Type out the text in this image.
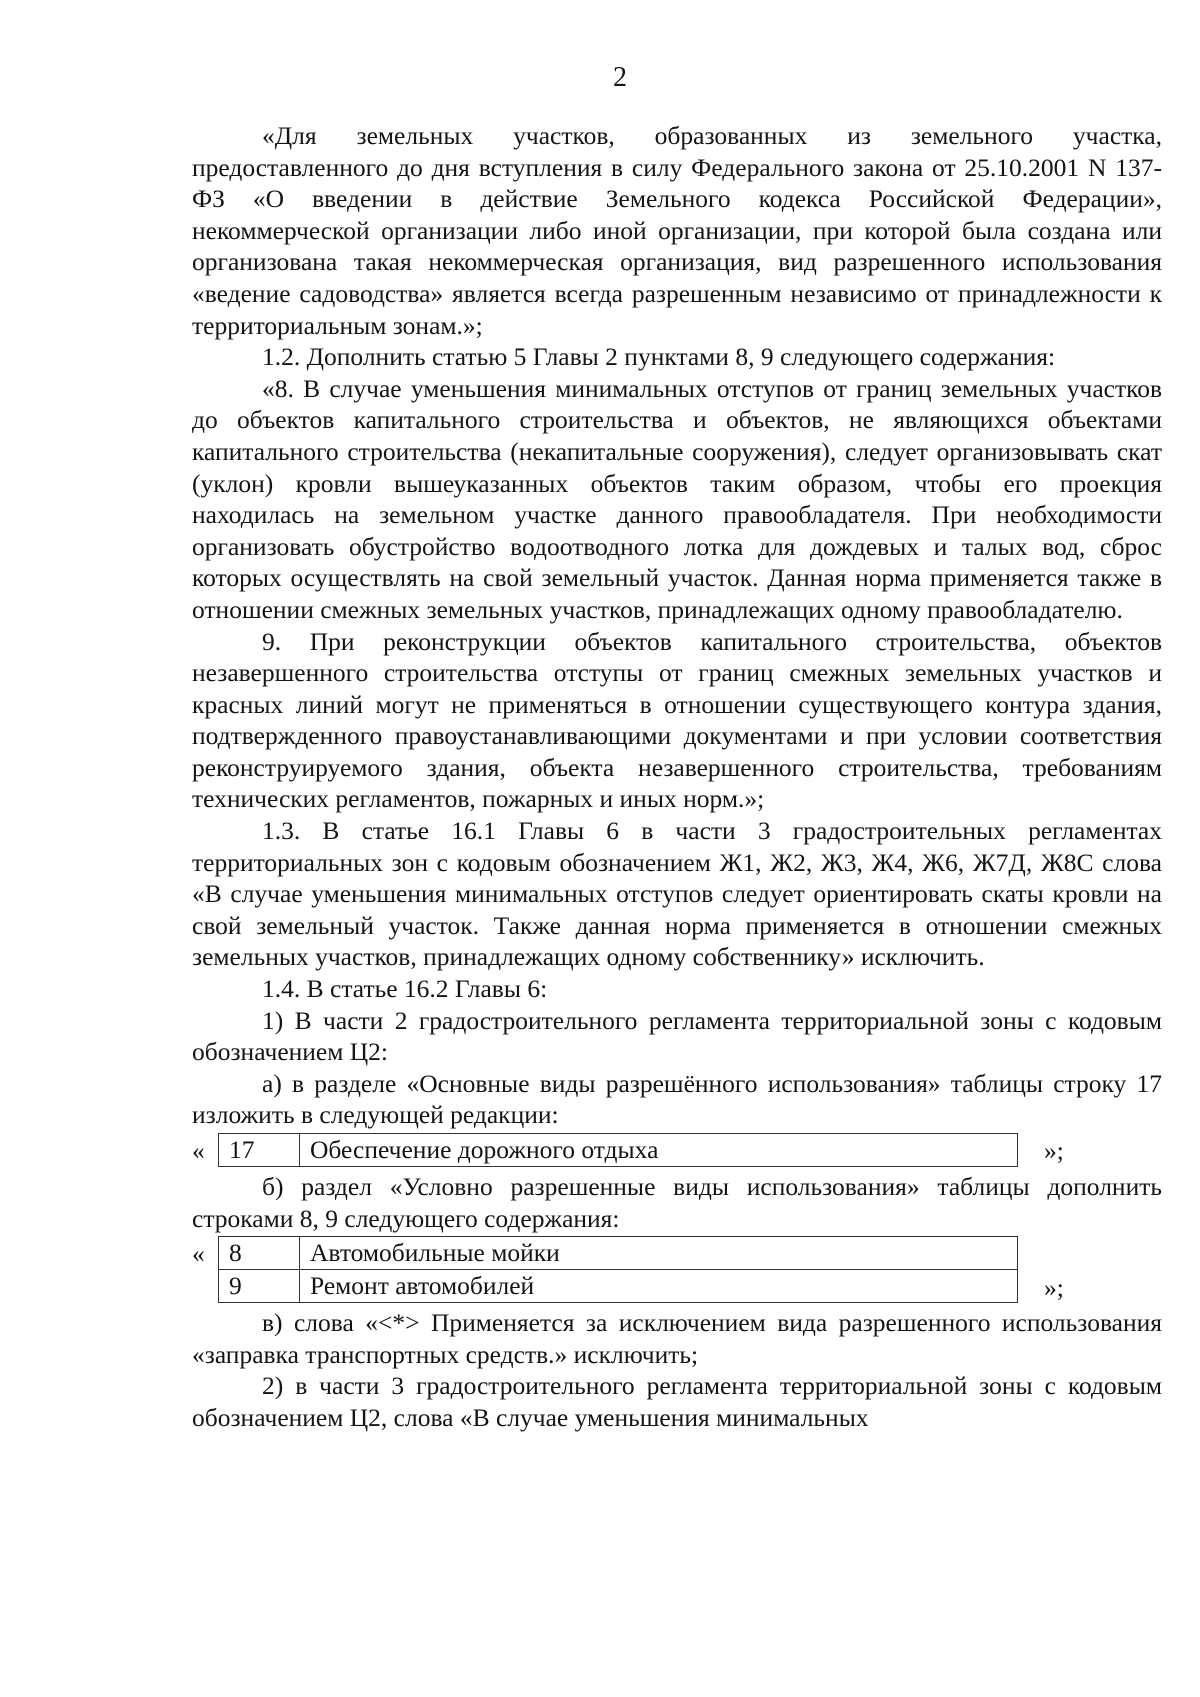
2

«Для земельных участков, образованных из земельного участка, предоставленного до дня вступления в силу Федерального закона от 25.10.2001 N 137-ФЗ «О введении в действие Земельного кодекса Российской Федерации», некоммерческой организации либо иной организации, при которой была создана или организована такая некоммерческая организация, вид разрешенного использования «ведение садоводства» является всегда разрешенным независимо от принадлежности к территориальным зонам.»;

1.2. Дополнить статью 5 Главы 2 пунктами 8, 9 следующего содержания:

«8. В случае уменьшения минимальных отступов от границ земельных участков до объектов капитального строительства и объектов, не являющихся объектами капитального строительства (некапитальные сооружения), следует организовывать скат (уклон) кровли вышеуказанных объектов таким образом, чтобы его проекция находилась на земельном участке данного правообладателя. При необходимости организовать обустройство водоотводного лотка для дождевых и талых вод, сброс которых осуществлять на свой земельный участок. Данная норма применяется также в отношении смежных земельных участков, принадлежащих одному правообладателю.

9. При реконструкции объектов капитального строительства, объектов незавершенного строительства отступы от границ смежных земельных участков и красных линий могут не применяться в отношении существующего контура здания, подтвержденного правоустанавливающими документами и при условии соответствия реконструируемого здания, объекта незавершенного строительства, требованиям технических регламентов, пожарных и иных норм.»;

1.3. В статье 16.1 Главы 6 в части 3 градостроительных регламентах территориальных зон с кодовым обозначением Ж1, Ж2, Ж3, Ж4, Ж6, Ж7Д, Ж8С слова «В случае уменьшения минимальных отступов следует ориентировать скаты кровли на свой земельный участок. Также данная норма применяется в отношении смежных земельных участков, принадлежащих одному собственнику» исключить.

1.4. В статье 16.2 Главы 6:

1) В части 2 градостроительного регламента территориальной зоны с кодовым обозначением Ц2:

а) в разделе «Основные виды разрешённого использования» таблицы строку 17 изложить в следующей редакции:

« 17	Обеспечение дорожного отдыха	»;

б) раздел «Условно разрешенные виды использования» таблицы дополнить строками 8, 9 следующего содержания:

« 8	Автомобильные мойки
9	Ремонт автомобилей	»;

в) слова «<*> Применяется за исключением вида разрешенного использования «заправка транспортных средств.» исключить;

2) в части 3 градостроительного регламента территориальной зоны с кодовым обозначением Ц2, слова «В случае уменьшения минимальных
